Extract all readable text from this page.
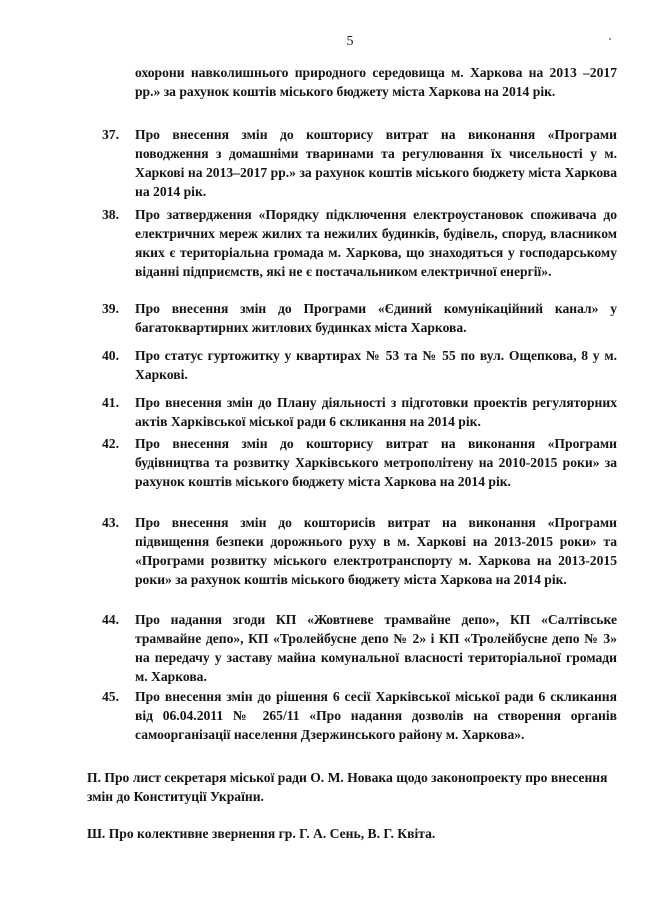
5
охорони навколишнього природного середовища м. Харкова на 2013 –2017 рр.» за рахунок коштів міського бюджету міста Харкова на 2014 рік.
37. Про внесення змін до кошторису витрат на виконання «Програми поводження з домашніми тваринами та регулювання їх чисельності у м. Харкові на 2013–2017 рр.» за рахунок коштів міського бюджету міста Харкова на 2014 рік.
38. Про затвердження «Порядку підключення електроустановок споживача до електричних мереж жилих та нежилих будинків, будівель, споруд, власником яких є територіальна громада м. Харкова, що знаходяться у господарському віданні підприємств, які не є постачальником електричної енергії».
39. Про внесення змін до Програми «Єдиний комунікаційний канал» у багатоквартирних житлових будинках міста Харкова.
40. Про статус гуртожитку у квартирах № 53 та № 55 по вул. Ощепкова, 8 у м. Харкові.
41. Про внесення змін до Плану діяльності з підготовки проектів регуляторних актів Харківської міської ради 6 скликання на 2014 рік.
42. Про внесення змін до кошторису витрат на виконання «Програми будівництва та розвитку Харківського метрополітену на 2010-2015 роки» за рахунок коштів міського бюджету міста Харкова на 2014 рік.
43. Про внесення змін до кошторисів витрат на виконання «Програми підвищення безпеки дорожнього руху в м. Харкові на 2013-2015 роки» та «Програми розвитку міського електротранспорту м. Харкова на 2013-2015 роки» за рахунок коштів міського бюджету міста Харкова на 2014 рік.
44. Про надання згоди КП «Жовтневе трамвайне депо», КП «Салтівське трамвайне депо», КП «Тролейбусне депо № 2» і КП «Тролейбусне депо № 3» на передачу у заставу майна комунальної власності територіальної громади м. Харкова.
45. Про внесення змін до рішення 6 сесії Харківської міської ради 6 скликання від 06.04.2011 № 265/11 «Про надання дозволів на створення органів самоорганізації населення Дзержинського району м. Харкова».
П. Про лист секретаря міської ради О. М. Новака щодо законопроекту про внесення змін до Конституції України.
Ш. Про колективне звернення гр. Г. А. Сень, В. Г. Квіта.
